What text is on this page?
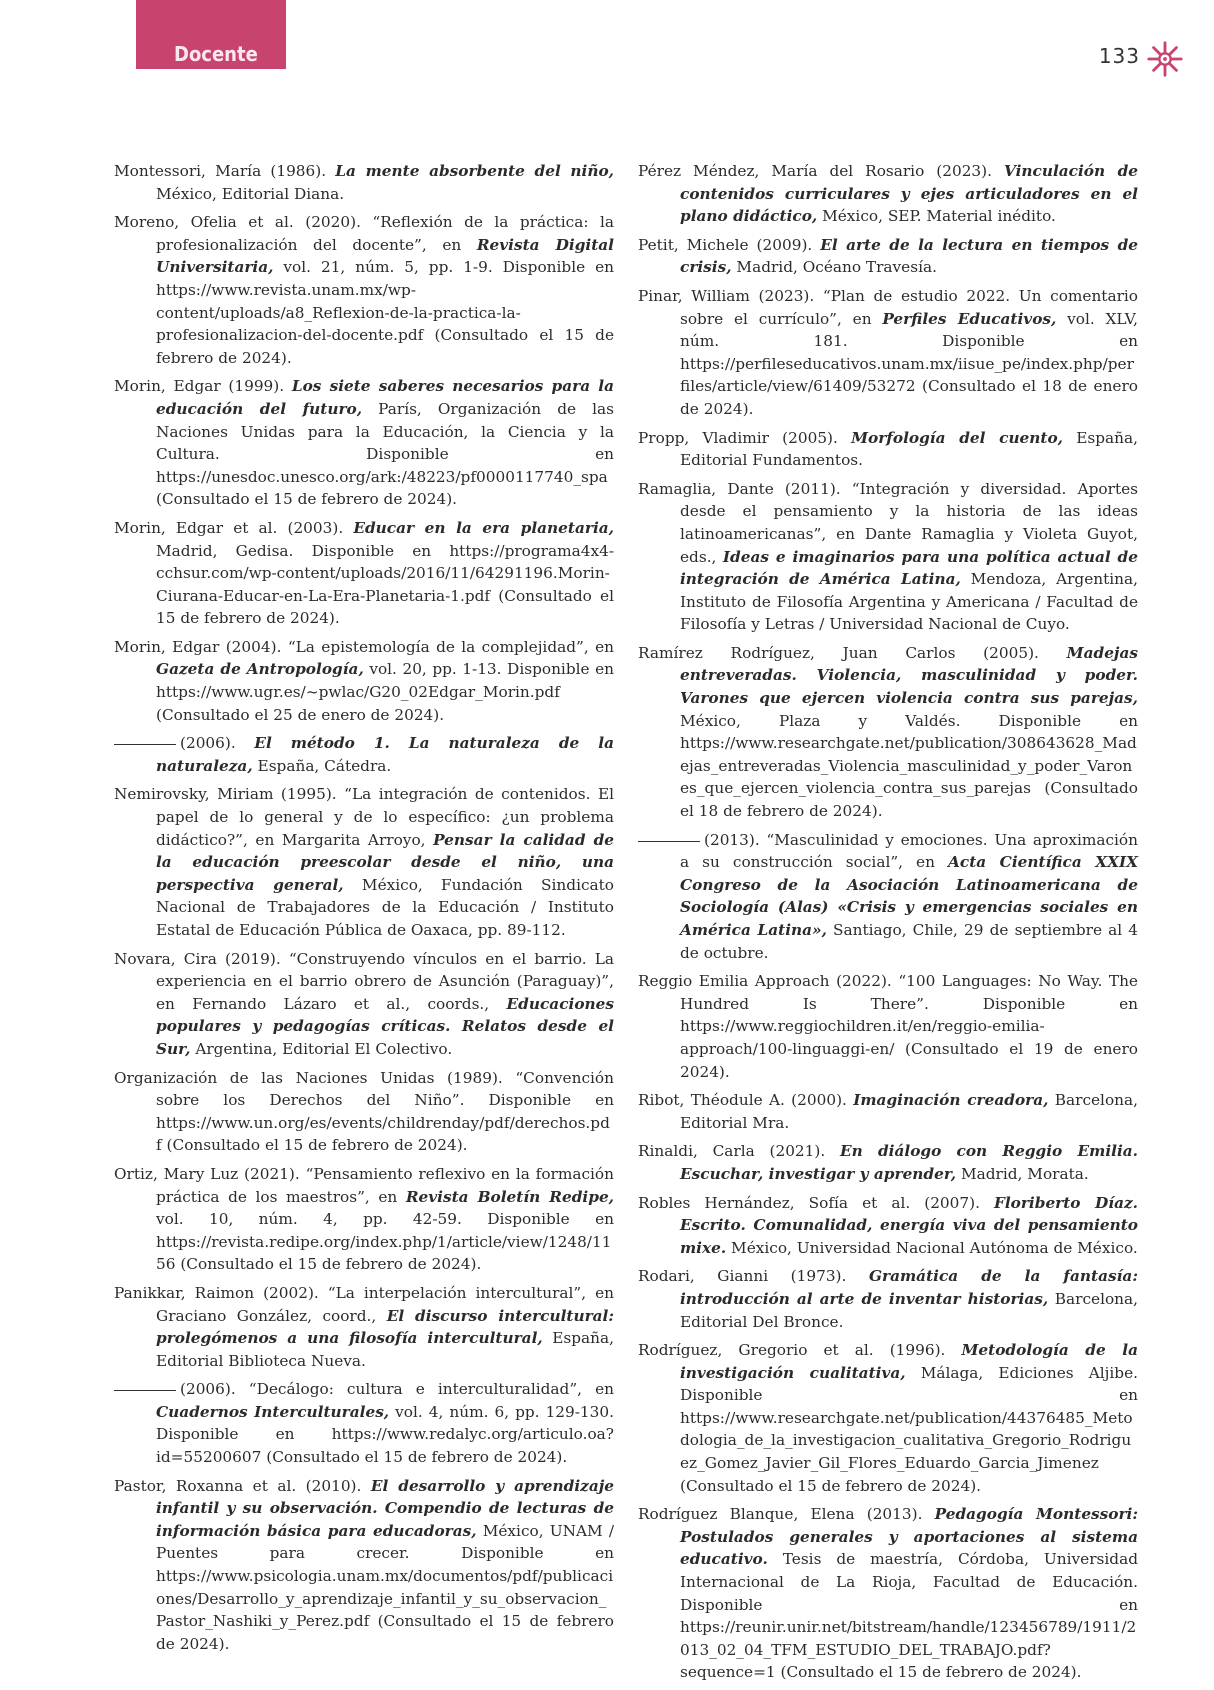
Docente	133

Montessori, María (1986). La mente absorbente del niño, México, Editorial Diana.

Moreno, Ofelia et al. (2020). “Reflexión de la práctica: la profesionalización del docente”, en Revista Digital Universitaria, vol. 21, núm. 5, pp. 1-9. Disponible en https://www.revista.unam.mx/wp-content/uploads/a8_Reflexion-de-la-practica-la-profesionalizacion-del-docente.pdf (Consultado el 15 de febrero de 2024).

Morin, Edgar (1999). Los siete saberes necesarios para la educación del futuro, París, Organización de las Naciones Unidas para la Educación, la Ciencia y la Cultura. Disponible en https://unesdoc.unesco.org/ark:/48223/pf0000117740_spa (Consultado el 15 de febrero de 2024).

Morin, Edgar et al. (2003). Educar en la era planetaria, Madrid, Gedisa. Disponible en https://programa4x4-cchsur.com/wp-content/uploads/2016/11/64291196.Morin-Ciurana-Educar-en-La-Era-Planetaria-1.pdf (Consultado el 15 de febrero de 2024).

Morin, Edgar (2004). “La epistemología de la complejidad”, en Gazeta de Antropología, vol. 20, pp. 1-13. Disponible en https://www.ugr.es/~pwlac/G20_02Edgar_Morin.pdf (Consultado el 25 de enero de 2024).

(2006). El método 1. La naturaleza de la naturaleza, España, Cátedra.

Nemirovsky, Miriam (1995). “La integración de contenidos. El papel de lo general y de lo específico: ¿un problema didáctico?”, en Margarita Arroyo, Pensar la calidad de la educación preescolar desde el niño, una perspectiva general, México, Fundación Sindicato Nacional de Trabajadores de la Educación / Instituto Estatal de Educación Pública de Oaxaca, pp. 89-112.

Novara, Cira (2019). “Construyendo vínculos en el barrio. La experiencia en el barrio obrero de Asunción (Paraguay)”, en Fernando Lázaro et al., coords., Educaciones populares y pedagogías críticas. Relatos desde el Sur, Argentina, Editorial El Colectivo.

Organización de las Naciones Unidas (1989). “Convención sobre los Derechos del Niño”. Disponible en https://www.un.org/es/events/childrenday/pdf/derechos.pdf (Consultado el 15 de febrero de 2024).

Ortiz, Mary Luz (2021). “Pensamiento reflexivo en la formación práctica de los maestros”, en Revista Boletín Redipe, vol. 10, núm. 4, pp. 42-59. Disponible en https://revista.redipe.org/index.php/1/article/view/1248/1156 (Consultado el 15 de febrero de 2024).

Panikkar, Raimon (2002). “La interpelación intercultural”, en Graciano González, coord., El discurso intercultural: prolegómenos a una filosofía intercultural, España, Editorial Biblioteca Nueva.

(2006). “Decálogo: cultura e interculturalidad”, en Cuadernos Interculturales, vol. 4, núm. 6, pp. 129-130. Disponible en https://www.redalyc.org/articulo.oa?id=55200607 (Consultado el 15 de febrero de 2024).

Pastor, Roxanna et al. (2010). El desarrollo y aprendizaje infantil y su observación. Compendio de lecturas de información básica para educadoras, México, UNAM / Puentes para crecer. Disponible en https://www.psicologia.unam.mx/documentos/pdf/publicaciones/Desarrollo_y_aprendizaje_infantil_y_su_observacion_Pastor_Nashiki_y_Perez.pdf (Consultado el 15 de febrero de 2024).

Pérez Méndez, María del Rosario (2023). Vinculación de contenidos curriculares y ejes articuladores en el plano didáctico, México, SEP. Material inédito.

Petit, Michele (2009). El arte de la lectura en tiempos de crisis, Madrid, Océano Travesía.

Pinar, William (2023). “Plan de estudio 2022. Un comentario sobre el currículo”, en Perfiles Educativos, vol. XLV, núm. 181. Disponible en https://perfileseducativos.unam.mx/iisue_pe/index.php/perfiles/article/view/61409/53272 (Consultado el 18 de enero de 2024).

Propp, Vladimir (2005). Morfología del cuento, España, Editorial Fundamentos.

Ramaglia, Dante (2011). “Integración y diversidad. Aportes desde el pensamiento y la historia de las ideas latinoamericanas”, en Dante Ramaglia y Violeta Guyot, eds., Ideas e imaginarios para una política actual de integración de América Latina, Mendoza, Argentina, Instituto de Filosofía Argentina y Americana / Facultad de Filosofía y Letras / Universidad Nacional de Cuyo.

Ramírez Rodríguez, Juan Carlos (2005). Madejas entreveradas. Violencia, masculinidad y poder. Varones que ejercen violencia contra sus parejas, México, Plaza y Valdés. Disponible en https://www.researchgate.net/publication/308643628_Madejas_entreveradas_Violencia_masculinidad_y_poder_Varones_que_ejercen_violencia_contra_sus_parejas (Consultado el 18 de febrero de 2024).

(2013). “Masculinidad y emociones. Una aproximación a su construcción social”, en Acta Científica XXIX Congreso de la Asociación Latinoamericana de Sociología (Alas) «Crisis y emergencias sociales en América Latina», Santiago, Chile, 29 de septiembre al 4 de octubre.

Reggio Emilia Approach (2022). “100 Languages: No Way. The Hundred Is There”. Disponible en https://www.reggiochildren.it/en/reggio-emilia-approach/100-linguaggi-en/ (Consultado el 19 de enero 2024).

Ribot, Théodule A. (2000). Imaginación creadora, Barcelona, Editorial Mra.

Rinaldi, Carla (2021). En diálogo con Reggio Emilia. Escuchar, investigar y aprender, Madrid, Morata.

Robles Hernández, Sofía et al. (2007). Floriberto Díaz. Escrito. Comunalidad, energía viva del pensamiento mixe. México, Universidad Nacional Autónoma de México.

Rodari, Gianni (1973). Gramática de la fantasía: introducción al arte de inventar historias, Barcelona, Editorial Del Bronce.

Rodríguez, Gregorio et al. (1996). Metodología de la investigación cualitativa, Málaga, Ediciones Aljibe. Disponible en https://www.researchgate.net/publication/44376485_Metodologia_de_la_investigacion_cualitativa_Gregorio_Rodriguez_Gomez_Javier_Gil_Flores_Eduardo_Garcia_Jimenez (Consultado el 15 de febrero de 2024).

Rodríguez Blanque, Elena (2013). Pedagogía Montessori: Postulados generales y aportaciones al sistema educativo. Tesis de maestría, Córdoba, Universidad Internacional de La Rioja, Facultad de Educación. Disponible en https://reunir.unir.net/bitstream/handle/123456789/1911/2013_02_04_TFM_ESTUDIO_DEL_TRABAJO.pdf?sequence=1 (Consultado el 15 de febrero de 2024).
